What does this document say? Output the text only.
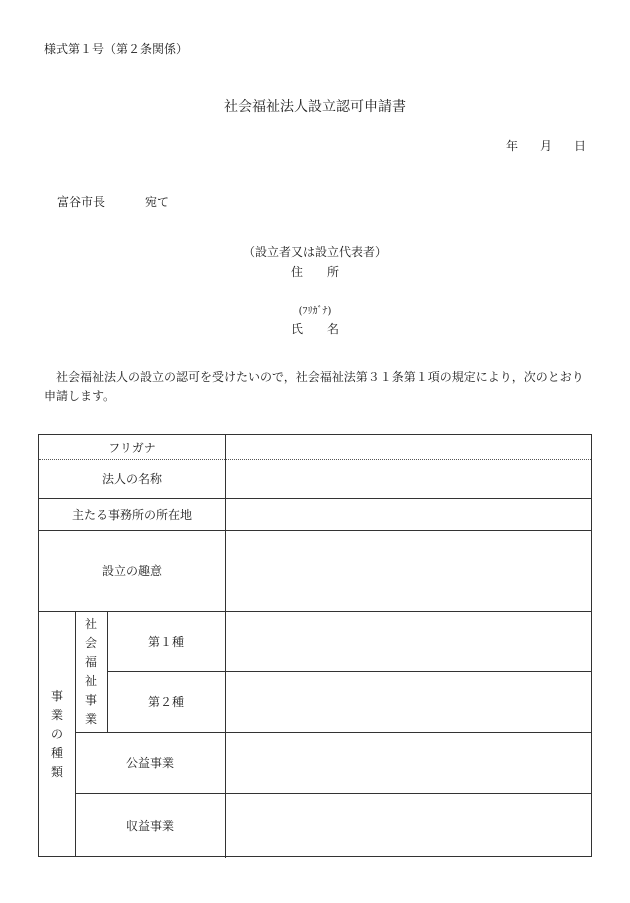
様式第１号（第２条関係）
社会福祉法人設立認可申請書
年 月 日
富谷市長	宛て
（設立者又は設立代表者）
住 所
(ﾌﾘｶﾞﾅ)
氏 名
社会福祉法人の設立の認可を受けたいので，社会福祉法第３１条第１項の規定により，次のとおり申請します。
フリガナ
法人の名称
主たる事務所の所在地
設立の趣意
事
業
の
種
類
社
会
福
祉
事
業
第１種
第２種
公益事業
収益事業
